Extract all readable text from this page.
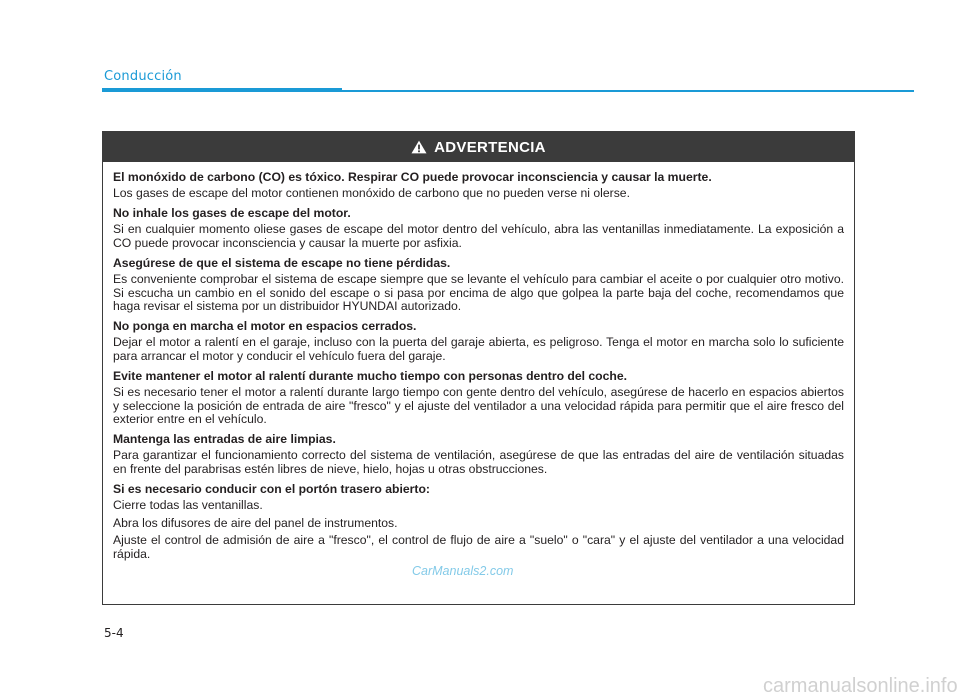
Conducción
ADVERTENCIA
El monóxido de carbono (CO) es tóxico. Respirar CO puede provocar inconsciencia y causar la muerte.

Los gases de escape del motor contienen monóxido de carbono que no pueden verse ni olerse.

No inhale los gases de escape del motor.

Si en cualquier momento oliese gases de escape del motor dentro del vehículo, abra las ventanillas inmediatamente. La exposición a CO puede provocar inconsciencia y causar la muerte por asfixia.

Asegúrese de que el sistema de escape no tiene pérdidas.

Es conveniente comprobar el sistema de escape siempre que se levante el vehículo para cambiar el aceite o por cualquier otro motivo. Si escucha un cambio en el sonido del escape o si pasa por encima de algo que golpea la parte baja del coche, recomendamos que haga revisar el sistema por un distribuidor HYUNDAI autorizado.

No ponga en marcha el motor en espacios cerrados.

Dejar el motor a ralentí en el garaje, incluso con la puerta del garaje abierta, es peligroso. Tenga el motor en marcha solo lo suficiente para arrancar el motor y conducir el vehículo fuera del garaje.

Evite mantener el motor al ralentí durante mucho tiempo con personas dentro del coche.

Si es necesario tener el motor a ralentí durante largo tiempo con gente dentro del vehículo, asegúrese de hacerlo en espacios abiertos y seleccione la posición de entrada de aire "fresco" y el ajuste del ventilador a una velocidad rápida para permitir que el aire fresco del exterior entre en el vehículo.

Mantenga las entradas de aire limpias.

Para garantizar el funcionamiento correcto del sistema de ventilación, asegúrese de que las entradas del aire de ventilación situadas en frente del parabrisas estén libres de nieve, hielo, hojas u otras obstrucciones.

Si es necesario conducir con el portón trasero abierto:

Cierre todas las ventanillas.

Abra los difusores de aire del panel de instrumentos.

Ajuste el control de admisión de aire a "fresco", el control de flujo de aire a "suelo" o "cara" y el ajuste del ventilador a una velocidad rápida.

CarManuals2.com
5-4
carmanualsonline.info
